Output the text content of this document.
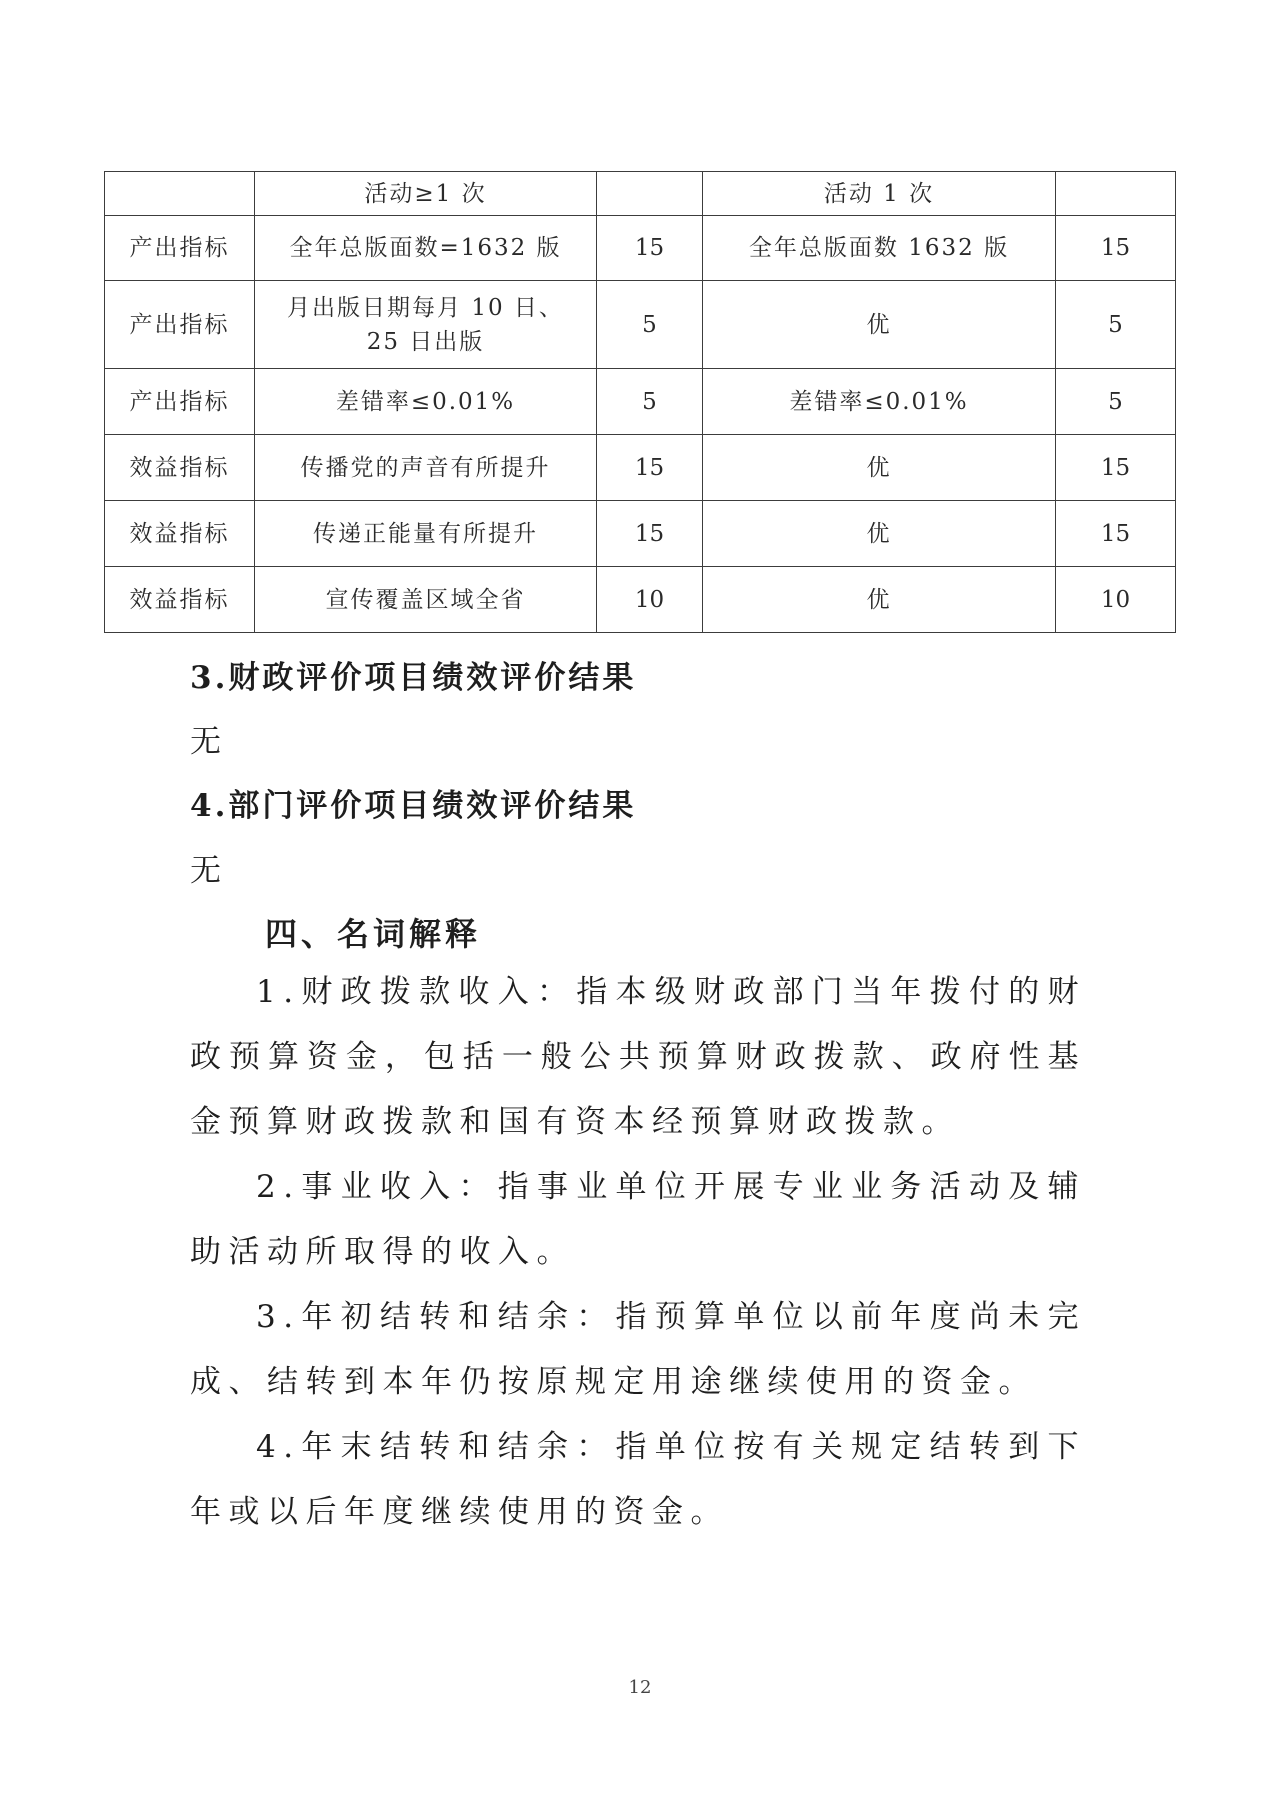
	活动≥1 次		活动 1 次	
产出指标	全年总版面数=1632 版	15	全年总版面数 1632 版	15
产出指标	月出版日期每月 10 日、25 日出版	5	优	5
产出指标	差错率≤0.01%	5	差错率≤0.01%	5
效益指标	传播党的声音有所提升	15	优	15
效益指标	传递正能量有所提升	15	优	15
效益指标	宣传覆盖区域全省	10	优	10
3.财政评价项目绩效评价结果
无
4.部门评价项目绩效评价结果
无
四、名词解释
1.财政拨款收入：指本级财政部门当年拨付的财政预算资金，包括一般公共预算财政拨款、政府性基金预算财政拨款和国有资本经预算财政拨款。
2.事业收入：指事业单位开展专业业务活动及辅助活动所取得的收入。
3.年初结转和结余：指预算单位以前年度尚未完成、结转到本年仍按原规定用途继续使用的资金。
4.年末结转和结余：指单位按有关规定结转到下年或以后年度继续使用的资金。
12
